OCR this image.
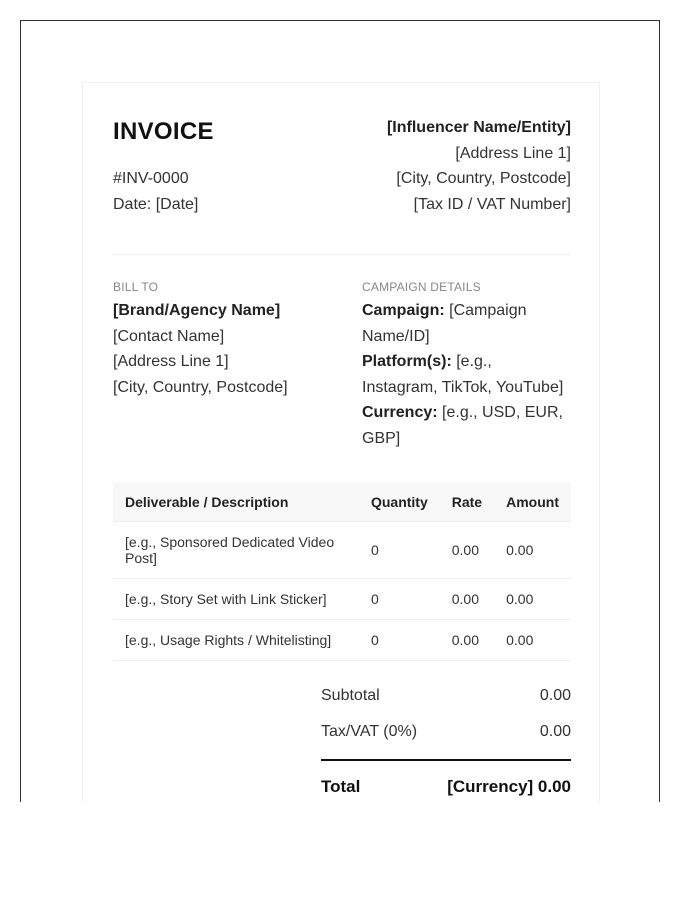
INVOICE
#INV-0000
Date: [Date]
[Influencer Name/Entity]
[Address Line 1]
[City, Country, Postcode]
[Tax ID / VAT Number]
BILL TO
[Brand/Agency Name]
[Contact Name]
[Address Line 1]
[City, Country, Postcode]
CAMPAIGN DETAILS
Campaign: [Campaign Name/ID]
Platform(s): [e.g., Instagram, TikTok, YouTube]
Currency: [e.g., USD, EUR, GBP]
Deliverable / Description	Quantity	Rate	Amount
[e.g., Sponsored Dedicated Video Post]	0	0.00	0.00
[e.g., Story Set with Link Sticker]	0	0.00	0.00
[e.g., Usage Rights / Whitelisting]	0	0.00	0.00
Subtotal	0.00
Tax/VAT (0%)	0.00
Total	[Currency] 0.00
